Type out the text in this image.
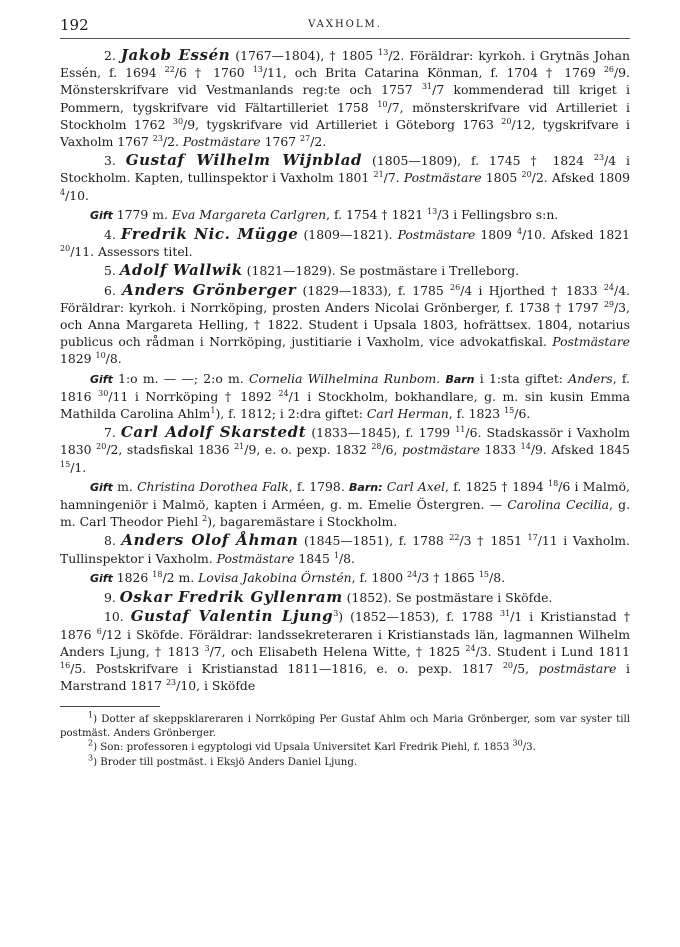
192	VAXHOLM.

2. Jakob Essén (1767—1804), † 1805 $^{13}$/2. Föräldrar: kyrkoh. i Grytnäs Johan Essén, f. 1694 $^{22}$/6 † 1760 $^{13}$/11, och Brita Catarina Könman, f. 1704 † 1769 $^{26}$/9. Mönsterskrifvare vid Vestmanlands reg:te och 1757 $^{31}$/7 kommenderad till kriget i Pommern, tygskrifvare vid Fältartilleriet 1758 $^{10}$/7, mönsterskrifvare vid Artilleriet i Stockholm 1762 $^{30}$/9, tygskrifvare vid Artilleriet i Göteborg 1763 $^{20}$/12, tygskrifvare i Vaxholm 1767 $^{23}$/2. Postmästare 1767 $^{27}$/2.

3. Gustaf Wilhelm Wijnblad (1805—1809), f. 1745 † 1824 $^{23}$/4 i Stockholm. Kapten, tullinspektor i Vaxholm 1801 $^{21}$/7. Postmästare 1805 $^{20}$/2. Afsked 1809 $^4$/10.

Gift 1779 m. Eva Margareta Carlgren, f. 1754 † 1821 $^{13}$/3 i Fellingsbro s:n.

4. Fredrik Nic. Mügge (1809—1821). Postmästare 1809 $^4$/10. Afsked 1821 $^{20}$/11. Assessors titel.

5. Adolf Wallwik (1821—1829). Se postmästare i Trelleborg.

6. Anders Grönberger (1829—1833), f. 1785 $^{26}$/4 i Hjorthed † 1833 $^{24}$/4. Föräldrar: kyrkoh. i Norrköping, prosten Anders Nicolai Grönberger, f. 1738 † 1797 $^{29}$/3, och Anna Margareta Helling, † 1822. Student i Upsala 1803, hofrättsex. 1804, notarius publicus och rådman i Norrköping, justitiarie i Vaxholm, vice advokatfiskal. Postmästare 1829 $^{10}$/8.

Gift 1:o m. — —; 2:o m. Cornelia Wilhelmina Runbom. Barn i 1:sta giftet: Anders, f. 1816 $^{30}$/11 i Norrköping † 1892 $^{24}$/1 i Stockholm, bokhandlare, g. m. sin kusin Emma Mathilda Carolina Ahlm$^1$), f. 1812; i 2:dra giftet: Carl Herman, f. 1823 $^{15}$/6.

7. Carl Adolf Skarstedt (1833—1845), f. 1799 $^{11}$/6. Stadskassör i Vaxholm 1830 $^{20}$/2, stadsfiskal 1836 $^{21}$/9, e. o. pexp. 1832 $^{28}$/6, postmästare 1833 $^{14}$/9. Afsked 1845 $^{15}$/1.

Gift m. Christina Dorothea Falk, f. 1798. Barn: Carl Axel, f. 1825 † 1894 $^{18}$/6 i Malmö, hamningeniör i Malmö, kapten i Arméen, g. m. Emelie Östergren. — Carolina Cecilia, g. m. Carl Theodor Piehl $^2$), bagaremästare i Stockholm.

8. Anders Olof Åhman (1845—1851), f. 1788 $^{22}$/3 † 1851 $^{17}$/11 i Vaxholm. Tullinspektor i Vaxholm. Postmästare 1845 $^1$/8.

Gift 1826 $^{18}$/2 m. Lovisa Jakobina Örnstén, f. 1800 $^{24}$/3 † 1865 $^{15}$/8.

9. Oskar Fredrik Gyllenram (1852). Se postmästare i Sköfde.

10. Gustaf Valentin Ljung$^3$) (1852—1853), f. 1788 $^{31}$/1 i Kristianstad † 1876 $^6$/12 i Sköfde. Föräldrar: landssekreteraren i Kristianstads län, lagmannen Wilhelm Anders Ljung, † 1813 $^3$/7, och Elisabeth Helena Witte, † 1825 $^{24}$/3. Student i Lund 1811 $^{16}$/5. Postskrifvare i Kristianstad 1811—1816, e. o. pexp. 1817 $^{20}$/5, postmästare i Marstrand 1817 $^{23}$/10, i Sköfde

$^1$) Dotter af skeppsklareraren i Norrköping Per Gustaf Ahlm och Maria Grönberger, som var syster till postmäst. Anders Grönberger.

$^2$) Son: professoren i egyptologi vid Upsala Universitet Karl Fredrik Piehl, f. 1853 $^{30}$/3.

$^3$) Broder till postmäst. i Eksjö Anders Daniel Ljung.
